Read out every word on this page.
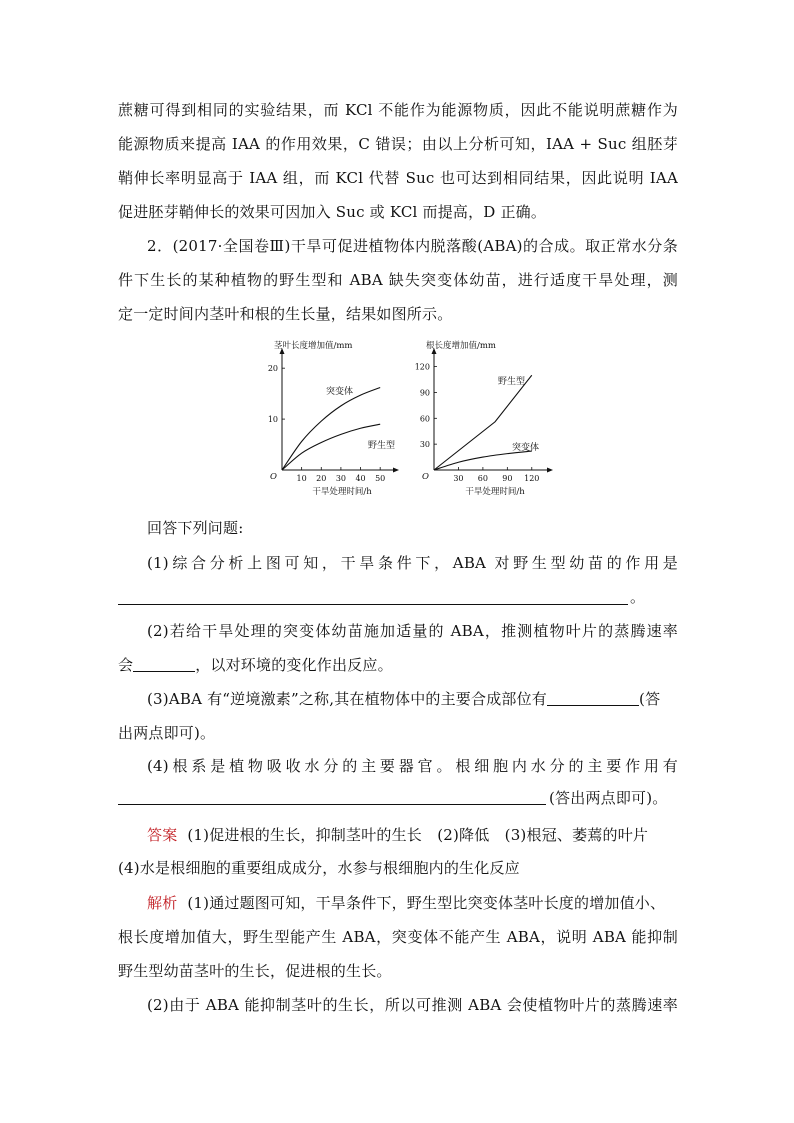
蔗糖可得到相同的实验结果，而 KCl 不能作为能源物质，因此不能说明蔗糖作为
能源物质来提高 IAA 的作用效果，C 错误；由以上分析可知，IAA + Suc 组胚芽
鞘伸长率明显高于 IAA 组，而 KCl 代替 Suc 也可达到相同结果，因此说明 IAA
促进胚芽鞘伸长的效果可因加入 Suc 或 KCl 而提高，D 正确。
2．(2017·全国卷Ⅲ)干旱可促进植物体内脱落酸(ABA)的合成。取正常水分条
件下生长的某种植物的野生型和 ABA 缺失突变体幼苗，进行适度干旱处理，测
定一定时间内茎叶和根的生长量，结果如图所示。
茎叶长度增加值/mm
干旱处理时间/h
O 10 20 30 40 50
10
20
突变体
野生型
根长度增加值/mm
干旱处理时间/h
O	30 60 90 120
30
60
90
120
野生型
突变体
回答下列问题:
(1)综合分析上图可知，干旱条件下，ABA 对野生型幼苗的作用是
。
(2)若给干旱处理的突变体幼苗施加适量的 ABA，推测植物叶片的蒸腾速率
会	，以对环境的变化作出反应。
(3)ABA 有“逆境激素”之称,其在植物体中的主要合成部位有	(答
出两点即可)。
(4)根系是植物吸收水分的主要器官。根细胞内水分的主要作用有
(答出两点即可)。
答案 (1)促进根的生长，抑制茎叶的生长　(2)降低　(3)根冠、萎蔫的叶片
(4)水是根细胞的重要组成成分，水参与根细胞内的生化反应
解析 (1)通过题图可知，干旱条件下，野生型比突变体茎叶长度的增加值小、
根长度增加值大，野生型能产生 ABA，突变体不能产生 ABA，说明 ABA 能抑制
野生型幼苗茎叶的生长，促进根的生长。
(2)由于 ABA 能抑制茎叶的生长，所以可推测 ABA 会使植物叶片的蒸腾速率
